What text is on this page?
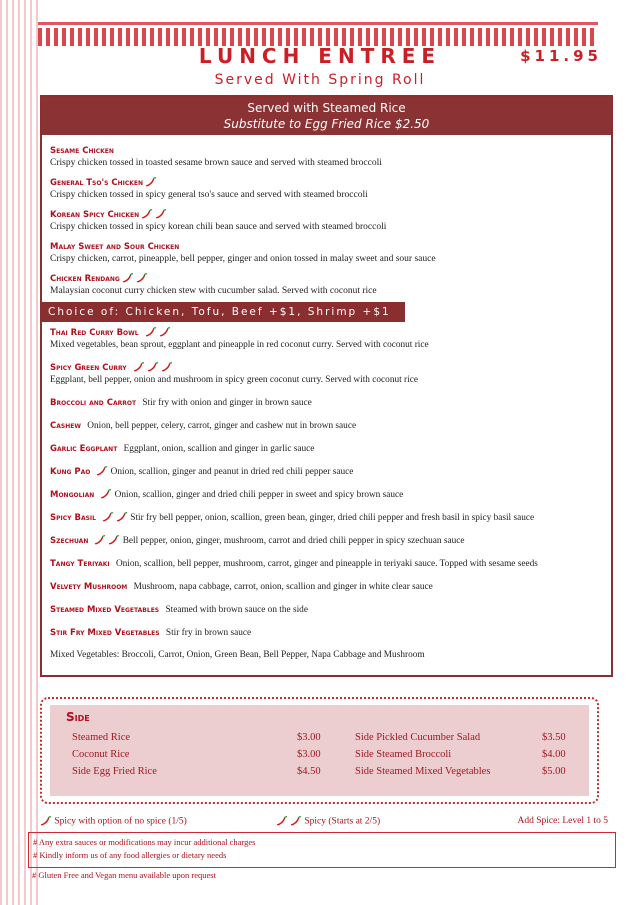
LUNCH ENTREE	$11.95
Served With Spring Roll
Served with Steamed Rice
Substitute to Egg Fried Rice $2.50
Sesame Chicken
Crispy chicken tossed in toasted sesame brown sauce and served with steamed broccoli
General Tso's Chicken
Crispy chicken tossed in spicy general tso's sauce and served with steamed broccoli
Korean Spicy Chicken
Crispy chicken tossed in spicy korean chili bean sauce and served with steamed broccoli
Malay Sweet and Sour Chicken
Crispy chicken, carrot, pineapple, bell pepper, ginger and onion tossed in malay sweet and sour sauce
Chicken Rendang
Malaysian coconut curry chicken stew with cucumber salad. Served with coconut rice
Choice of: Chicken, Tofu, Beef +$1, Shrimp +$1
Thai Red Curry Bowl
Mixed vegetables, bean sprout, eggplant and pineapple in red coconut curry. Served with coconut rice
Spicy Green Curry
Eggplant, bell pepper, onion and mushroom in spicy green coconut curry. Served with coconut rice
Broccoli and Carrot Stir fry with onion and ginger in brown sauce
Cashew Onion, bell pepper, celery, carrot, ginger and cashew nut in brown sauce
Garlic Eggplant Eggplant, onion, scallion and ginger in garlic sauce
Kung Pao Onion, scallion, ginger and peanut in dried red chili pepper sauce
Mongolian Onion, scallion, ginger and dried chili pepper in sweet and spicy brown sauce
Spicy Basil	Stir fry bell pepper, onion, scallion, green bean, ginger, dried chili pepper and fresh basil in spicy basil sauce
Szechuan	Bell pepper, onion, ginger, mushroom, carrot and dried chili pepper in spicy szechuan sauce
Tangy Teriyaki Onion, scallion, bell pepper, mushroom, carrot, ginger and pineapple in teriyaki sauce. Topped with sesame seeds
Velvety Mushroom Mushroom, napa cabbage, carrot, onion, scallion and ginger in white clear sauce
Steamed Mixed Vegetables Steamed with brown sauce on the side
Stir Fry Mixed Vegetables Stir fry in brown sauce
Mixed Vegetables: Broccoli, Carrot, Onion, Green Bean, Bell Pepper, Napa Cabbage and Mushroom
Side
Steamed Rice	$3.00
Coconut Rice	$3.00
Side Egg Fried Rice	$4.50
Side Pickled Cucumber Salad	$3.50
Side Steamed Broccoli	$4.00
Side Steamed Mixed Vegetables	$5.00
Spicy with option of no spice (1/5)	Spicy (Starts at 2/5)	Add Spice: Level 1 to 5
# Any extra sauces or modifications may incur additional charges
# Kindly inform us of any food allergies or dietary needs
# Gluten Free and Vegan menu available upon request
